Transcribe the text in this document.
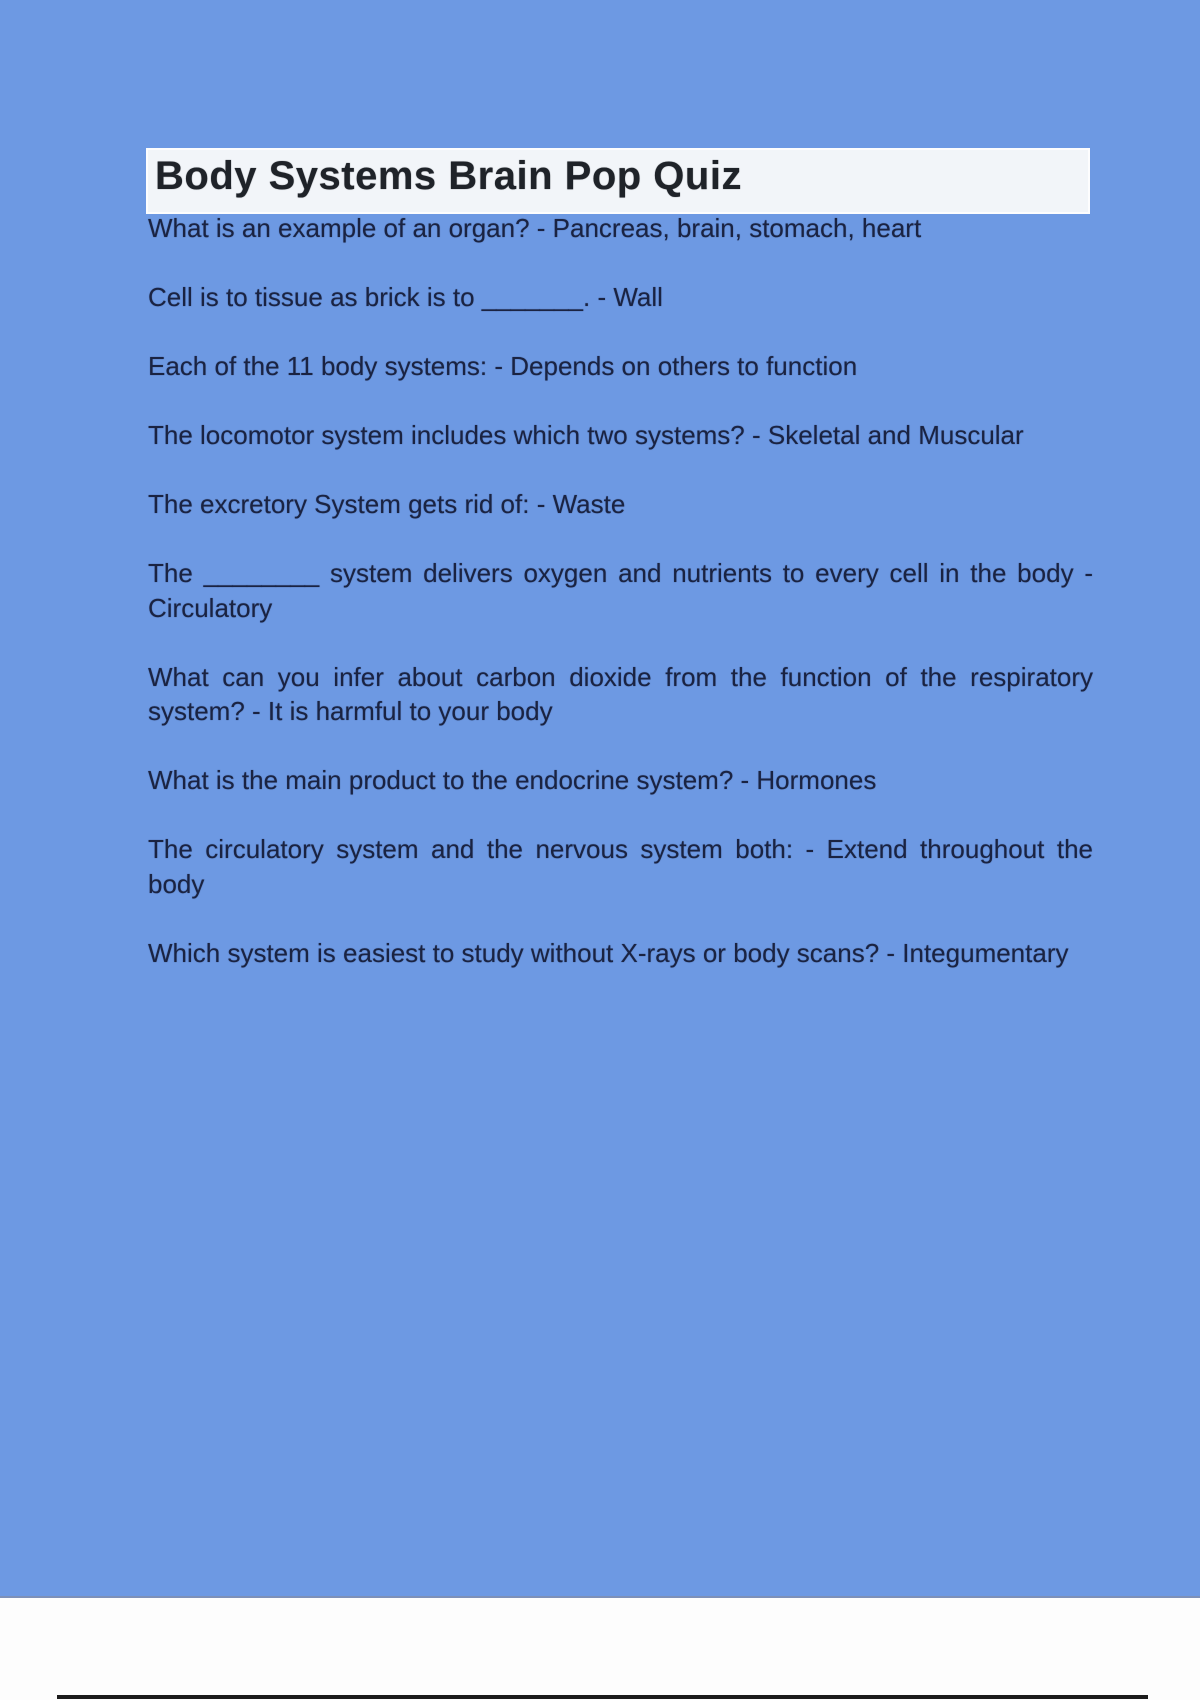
Body Systems Brain Pop Quiz
What is an example of an organ? - Pancreas, brain, stomach, heart
Cell is to tissue as brick is to _______. - Wall
Each of the 11 body systems: - Depends on others to function
The locomotor system includes which two systems? - Skeletal and Muscular
The excretory System gets rid of: - Waste
The ________ system delivers oxygen and nutrients to every cell in the body -
Circulatory
What can you infer about carbon dioxide from the function of the respiratory
system? - It is harmful to your body
What is the main product to the endocrine system? - Hormones
The circulatory system and the nervous system both: - Extend throughout the
body
Which system is easiest to study without X-rays or body scans? - Integumentary
